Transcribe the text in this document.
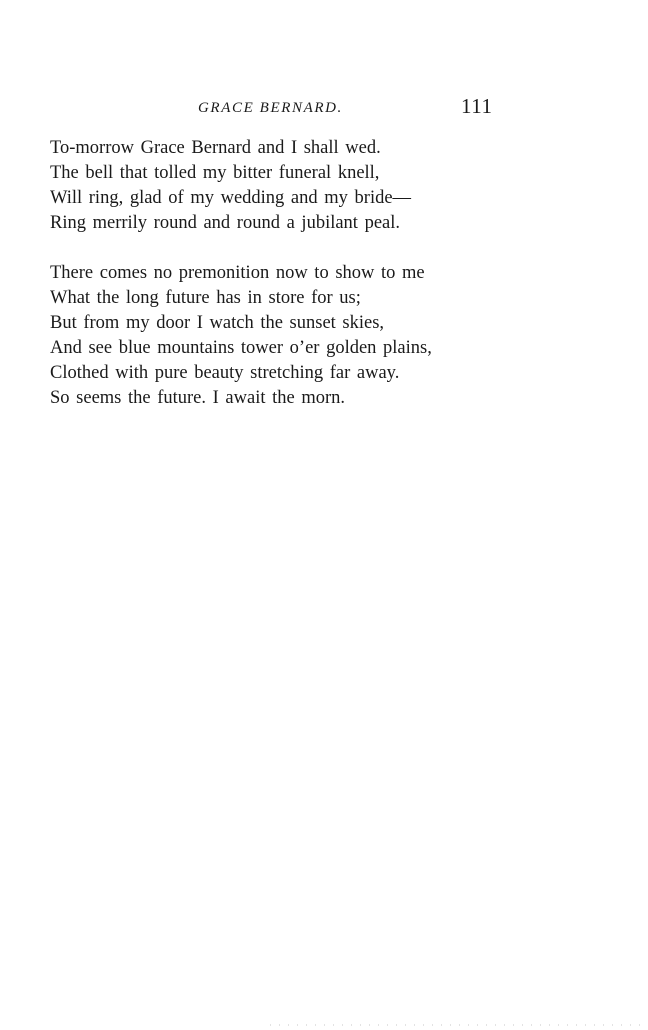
GRACE BERNARD.	111
To-morrow Grace Bernard and I shall wed.
The bell that tolled my bitter funeral knell,
Will ring, glad of my wedding and my bride—
Ring merrily round and round a jubilant peal.
There comes no premonition now to show to me
What the long future has in store for us;
But from my door I watch the sunset skies,
And see blue mountains tower o’er golden plains,
Clothed with pure beauty stretching far away.
So seems the future. I await the morn.
